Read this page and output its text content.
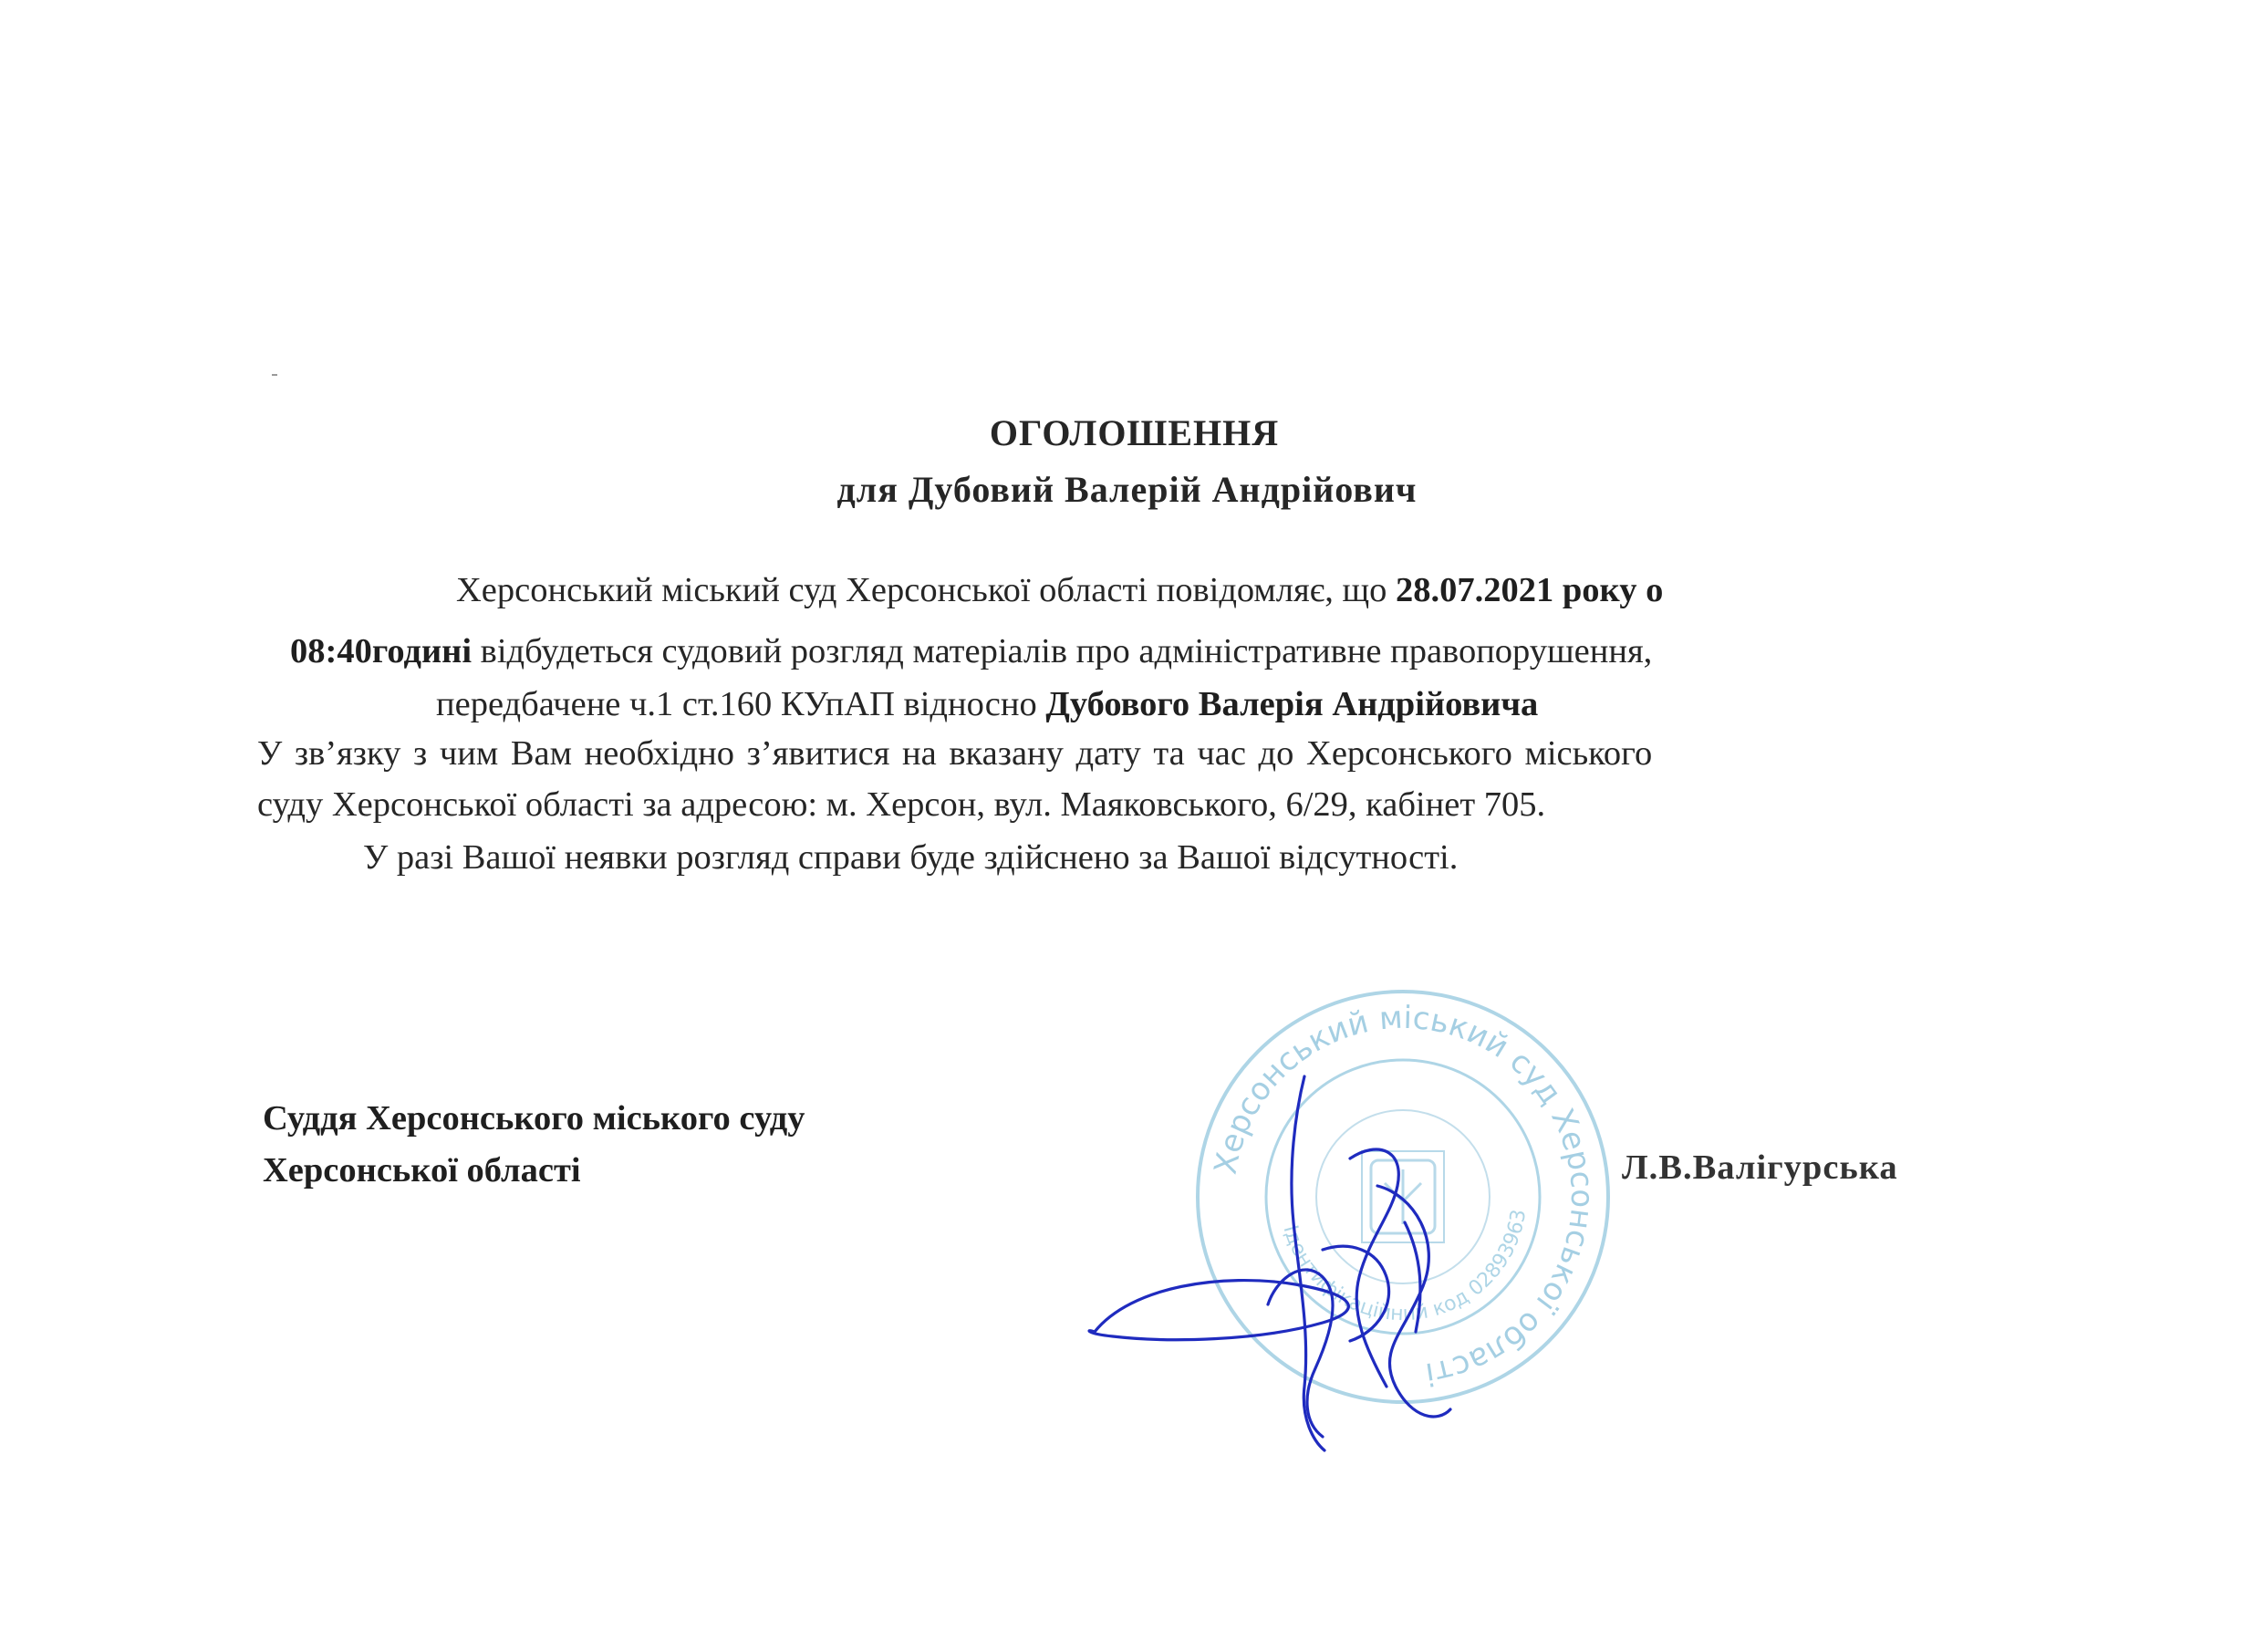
ОГОЛОШЕННЯ
для Дубовий Валерій Андрійович
Херсонський міський суд Херсонської області повідомляє, що 28.07.2021 року о
08:40годині відбудеться судовий розгляд матеріалів про адміністративне правопорушення,
передбачене ч.1 ст.160 КУпАП відносно Дубового Валерія Андрійовича
У зв’язку з чим Вам необхідно з’явитися на вказану дату та час до Херсонського міського
суду Херсонської області за адресою: м. Херсон, вул. Маяковського, 6/29, кабінет 705.
У разі Вашої неявки розгляд справи буде здійснено за Вашої відсутності.
Суддя Херсонського міського суду
Херсонської області	Херсонський міський суд Херсонської області
Ідентифікаційний код 02893963
Л.В.Валігурська
